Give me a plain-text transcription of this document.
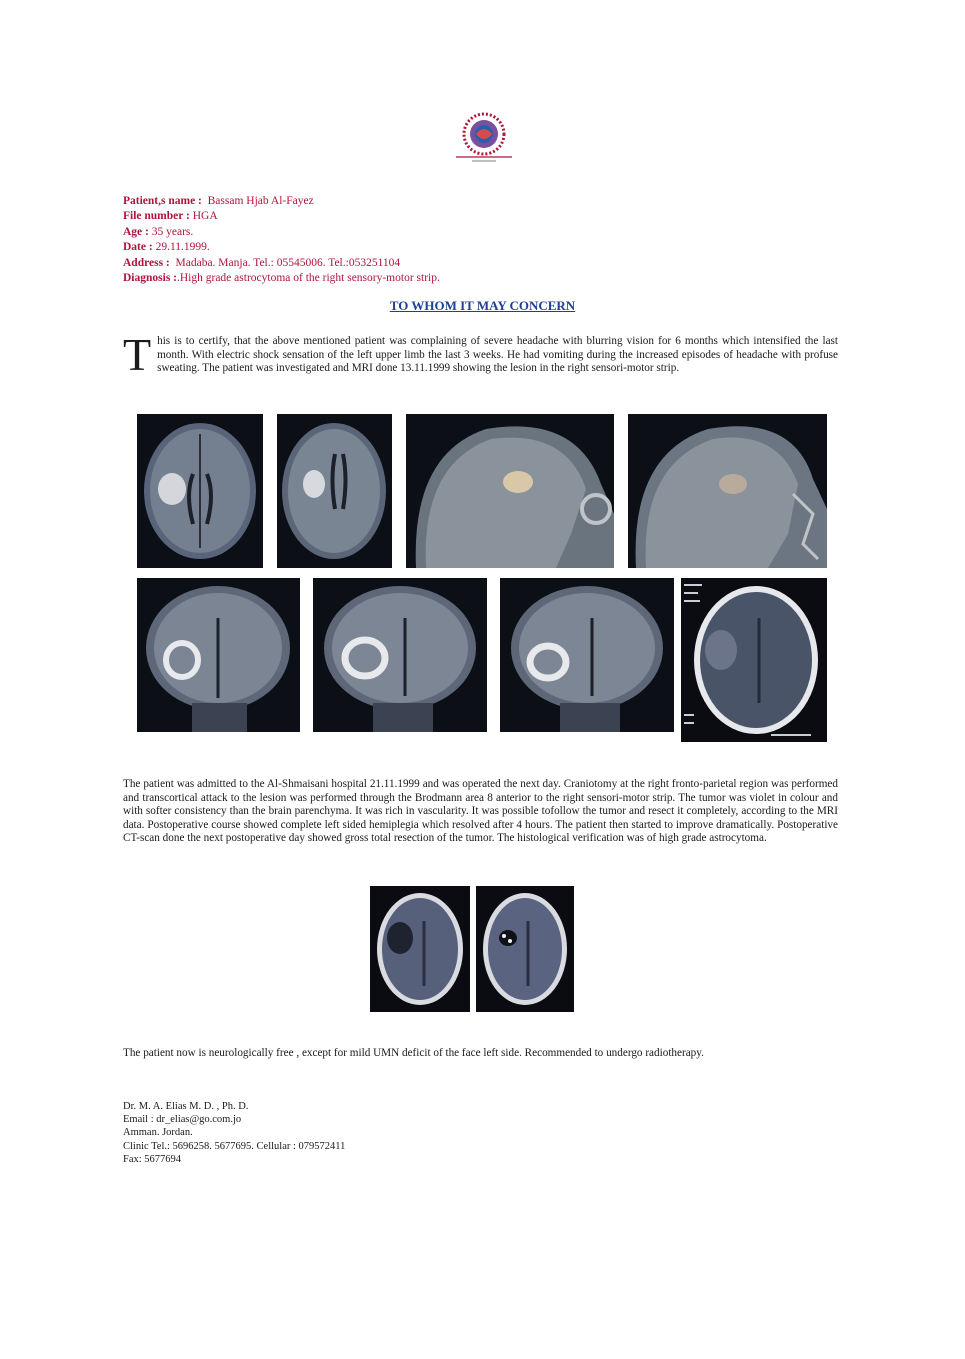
Patient,s name : Bassam Hjab Al-Fayez
File number : HGA
Age : 35 years.
Date : 29.11.1999.
Address : Madaba. Manja. Tel.: 05545006. Tel.:053251104
Diagnosis :.High grade astrocytoma of the right sensory-motor strip.
TO WHOM IT MAY CONCERN
This is to certify, that the above mentioned patient was complaining of severe headache with blurring vision for 6 months which intensified the last month. With electric shock sensation of the left upper limb the last 3 weeks. He had vomiting during the increased episodes of headache with profuse sweating. The patient was investigated and MRI done 13.11.1999 showing the lesion in the right sensori-motor strip.
The patient was admitted to the Al-Shmaisani hospital 21.11.1999 and was operated the next day. Craniotomy at the right fronto-parietal region was performed and transcortical attack to the lesion was performed through the Brodmann area 8 anterior to the right sensori-motor strip. The tumor was violet in colour and with softer consistency than the brain parenchyma. It was rich in vascularity. It was possible tofollow the tumor and resect it completely, according to the MRI data. Postoperative course showed complete left sided hemiplegia which resolved after 4 hours. The patient then started to improve dramatically. Postoperative CT-scan done the next postoperative day showed gross total resection of the tumor. The histological verification was of high grade astrocytoma.
The patient now is neurologically free , except for mild UMN deficit of the face left side. Recommended to undergo radiotherapy.
Dr. M. A. Elias M. D. , Ph. D.
Email : dr_elias@go.com.jo
Amman. Jordan.
Clinic Tel.: 5696258. 5677695. Cellular : 079572411
Fax: 5677694
